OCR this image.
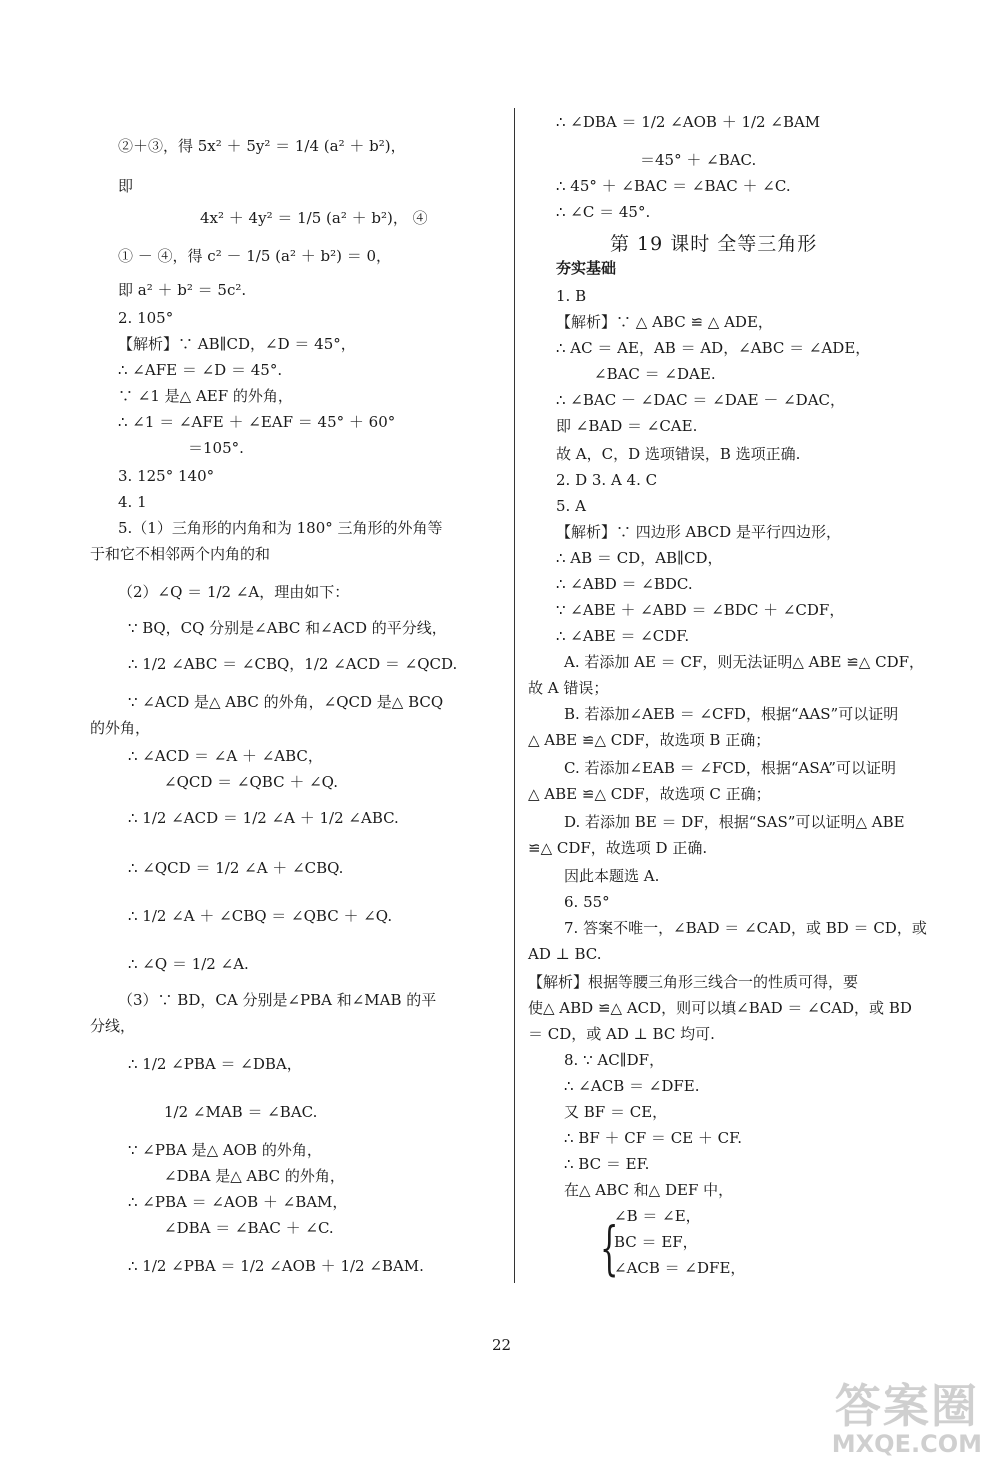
②＋③，得 5x² ＋ 5y² ＝ 1/4 (a² ＋ b²)，
即
4x² ＋ 4y² ＝ 1/5 (a² ＋ b²)， ④
① － ④，得 c² － 1/5 (a² ＋ b²) ＝ 0，
即 a² ＋ b² ＝ 5c².
2. 105°
【解析】∵ AB∥CD，∠D ＝ 45°，
∴ ∠AFE ＝ ∠D ＝ 45°.
∵ ∠1 是△ AEF 的外角，
∴ ∠1 ＝ ∠AFE ＋ ∠EAF ＝ 45° ＋ 60°
＝105°.
3. 125° 140°
4. 1
5.（1）三角形的内角和为 180° 三角形的外角等
于和它不相邻两个内角的和
（2）∠Q ＝ 1/2 ∠A，理由如下：
∵ BQ，CQ 分别是∠ABC 和∠ACD 的平分线，
∴ 1/2 ∠ABC ＝ ∠CBQ，1/2 ∠ACD ＝ ∠QCD.
∵ ∠ACD 是△ ABC 的外角，∠QCD 是△ BCQ
的外角，
∴ ∠ACD ＝ ∠A ＋ ∠ABC，
∠QCD ＝ ∠QBC ＋ ∠Q.
∴ 1/2 ∠ACD ＝ 1/2 ∠A ＋ 1/2 ∠ABC.
∴ ∠QCD ＝ 1/2 ∠A ＋ ∠CBQ.
∴ 1/2 ∠A ＋ ∠CBQ ＝ ∠QBC ＋ ∠Q.
∴ ∠Q ＝ 1/2 ∠A.
（3）∵ BD，CA 分别是∠PBA 和∠MAB 的平
分线，
∴ 1/2 ∠PBA ＝ ∠DBA，
1/2 ∠MAB ＝ ∠BAC.
∵ ∠PBA 是△ AOB 的外角，
∠DBA 是△ ABC 的外角，
∴ ∠PBA ＝ ∠AOB ＋ ∠BAM，
∠DBA ＝ ∠BAC ＋ ∠C.
∴ 1/2 ∠PBA ＝ 1/2 ∠AOB ＋ 1/2 ∠BAM.
第 19 课时 全等三角形
∴ ∠DBA ＝ 1/2 ∠AOB ＋ 1/2 ∠BAM
＝45° ＋ ∠BAC.
∴ 45° ＋ ∠BAC ＝ ∠BAC ＋ ∠C.
∴ ∠C ＝ 45°.
夯实基础
1. B
【解析】∵ △ ABC ≌ △ ADE，
∴ AC ＝ AE，AB ＝ AD，∠ABC ＝ ∠ADE，
∠BAC ＝ ∠DAE.
∴ ∠BAC － ∠DAC ＝ ∠DAE － ∠DAC，
即 ∠BAD ＝ ∠CAE.
故 A，C，D 选项错误，B 选项正确.
2. D 3. A 4. C
5. A
【解析】∵ 四边形 ABCD 是平行四边形，
∴ AB ＝ CD，AB∥CD，
∴ ∠ABD ＝ ∠BDC.
∵ ∠ABE ＋ ∠ABD ＝ ∠BDC ＋ ∠CDF，
∴ ∠ABE ＝ ∠CDF.
A. 若添加 AE ＝ CF，则无法证明△ ABE ≌△ CDF，
故 A 错误；
B. 若添加∠AEB ＝ ∠CFD，根据“AAS”可以证明
△ ABE ≌△ CDF，故选项 B 正确；
C. 若添加∠EAB ＝ ∠FCD，根据“ASA”可以证明
△ ABE ≌△ CDF，故选项 C 正确；
D. 若添加 BE ＝ DF，根据“SAS”可以证明△ ABE
≌△ CDF，故选项 D 正确.
因此本题选 A.
6. 55°
7. 答案不唯一，∠BAD ＝ ∠CAD，或 BD ＝ CD，或
AD ⊥ BC.
【解析】根据等腰三角形三线合一的性质可得，要
使△ ABD ≌△ ACD，则可以填∠BAD ＝ ∠CAD，或 BD
＝ CD，或 AD ⊥ BC 均可.
8. ∵ AC∥DF，
∴ ∠ACB ＝ ∠DFE.
又 BF ＝ CE，
∴ BF ＋ CF ＝ CE ＋ CF.
∴ BC ＝ EF.
在△ ABC 和△ DEF 中，
∠B ＝ ∠E，
BC ＝ EF，
∠ACB ＝ ∠DFE，
{
22
答案圈
MXQE.COM
